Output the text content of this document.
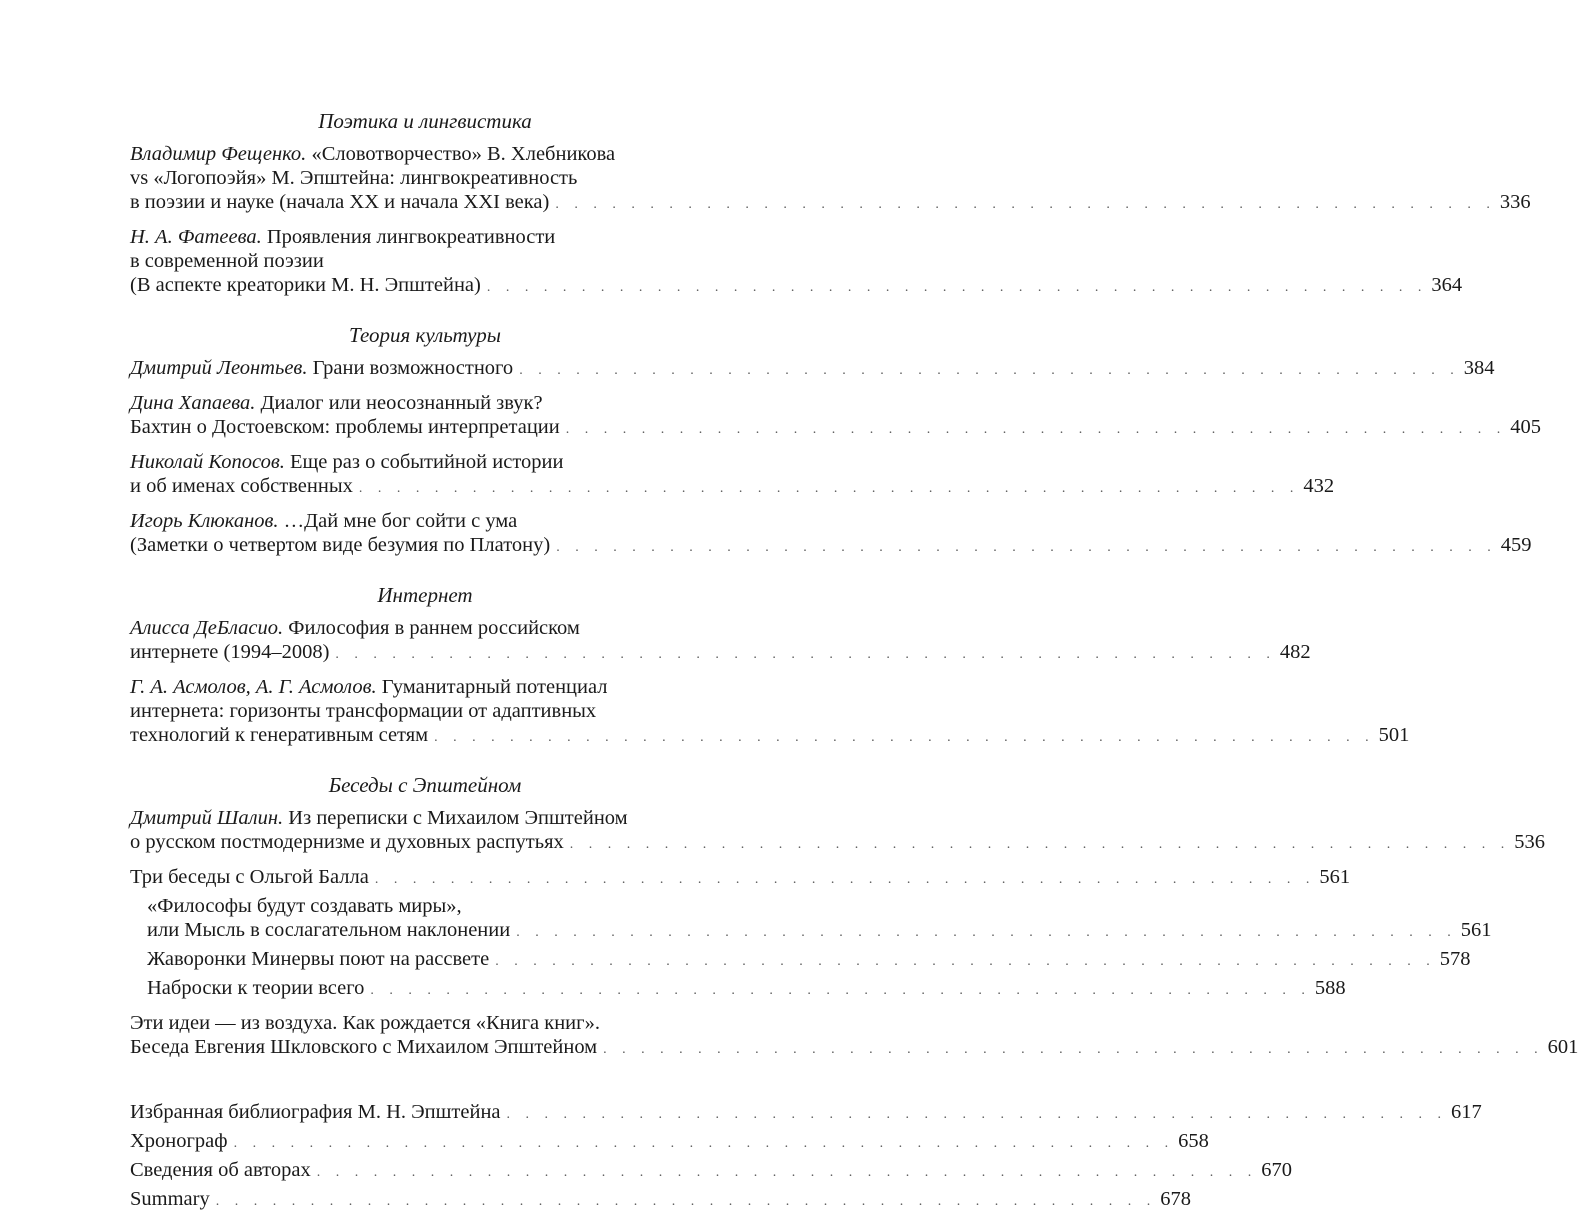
Поэтика и лингвистика
Владимир Фещенко. «Словотворчество» В. Хлебникова
vs «Логопоэйя» М. Эпштейна: лингвокреативность
в поэзии и науке (начала XX и начала XXI века) . . . . . . . . . . . . . . . . . . . . . . . . . . . . . . . . . . . . . . . . . . . . . . . . . . 336
Н. А. Фатеева. Проявления лингвокреативности
в современной поэзии
(В аспекте креаторики М. Н. Эпштейна) . . . . . . . . . . . . . . . . . . . . . . . . . . . . . . . . . . . . . . . . . . . . . . . . . . 364
Теория культуры
Дмитрий Леонтьев. Грани возможностного . . . . . . . . . . . . . . . . . . . . . . . . . . . . . . . . . . . . . . . . . . . . . . . . . . 384
Дина Хапаева. Диалог или неосознанный звук?
Бахтин о Достоевском: проблемы интерпретации . . . . . . . . . . . . . . . . . . . . . . . . . . . . . . . . . . . . . . . . . . . . . . . . . . 405
Николай Копосов. Еще раз о событийной истории
и об именах собственных . . . . . . . . . . . . . . . . . . . . . . . . . . . . . . . . . . . . . . . . . . . . . . . . . . 432
Игорь Клюканов. …Дай мне бог сойти с ума
(Заметки о четвертом виде безумия по Платону) . . . . . . . . . . . . . . . . . . . . . . . . . . . . . . . . . . . . . . . . . . . . . . . . . . 459
Интернет
Алисса ДеБласио. Философия в раннем российском
интернете (1994–2008) . . . . . . . . . . . . . . . . . . . . . . . . . . . . . . . . . . . . . . . . . . . . . . . . . . 482
Г. А. Асмолов, А. Г. Асмолов. Гуманитарный потенциал
интернета: горизонты трансформации от адаптивных
технологий к генеративным сетям . . . . . . . . . . . . . . . . . . . . . . . . . . . . . . . . . . . . . . . . . . . . . . . . . . 501
Беседы с Эпштейном
Дмитрий Шалин. Из переписки с Михаилом Эпштейном
о русском постмодернизме и духовных распутьях . . . . . . . . . . . . . . . . . . . . . . . . . . . . . . . . . . . . . . . . . . . . . . . . . . 536
Три беседы с Ольгой Балла . . . . . . . . . . . . . . . . . . . . . . . . . . . . . . . . . . . . . . . . . . . . . . . . . . 561
«Философы будут создавать миры»,
или Мысль в сослагательном наклонении . . . . . . . . . . . . . . . . . . . . . . . . . . . . . . . . . . . . . . . . . . . . . . . . . . 561
Жаворонки Минервы поют на рассвете . . . . . . . . . . . . . . . . . . . . . . . . . . . . . . . . . . . . . . . . . . . . . . . . . . 578
Наброски к теории всего . . . . . . . . . . . . . . . . . . . . . . . . . . . . . . . . . . . . . . . . . . . . . . . . . . 588
Эти идеи — из воздуха. Как рождается «Книга книг».
Беседа Евгения Шкловского с Михаилом Эпштейном . . . . . . . . . . . . . . . . . . . . . . . . . . . . . . . . . . . . . . . . . . . . . . . . . . 601
Избранная библиография М. Н. Эпштейна . . . . . . . . . . . . . . . . . . . . . . . . . . . . . . . . . . . . . . . . . . . . . . . . . . 617
Хронограф . . . . . . . . . . . . . . . . . . . . . . . . . . . . . . . . . . . . . . . . . . . . . . . . . . 658
Сведения об авторах . . . . . . . . . . . . . . . . . . . . . . . . . . . . . . . . . . . . . . . . . . . . . . . . . . 670
Summary . . . . . . . . . . . . . . . . . . . . . . . . . . . . . . . . . . . . . . . . . . . . . . . . . . 678
